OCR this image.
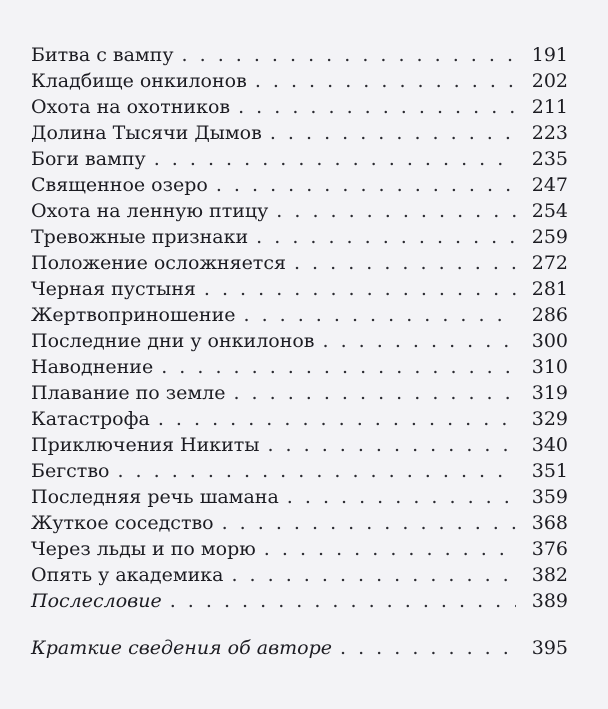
Битва с вампу . . .	191
Кладбище онкилонов . . .	202
Охота на охотников . . .	211
Долина Тысячи Дымов . . .	223
Боги вампу . . .	235
Священное озеро . . .	247
Охота на ленную птицу . . .	254
Тревожные признаки . . .	259
Положение осложняется . . .	272
Черная пустыня . . .	281
Жертвоприношение . . .	286
Последние дни у онкилонов . . .	300
Наводнение . . .	310
Плавание по земле . . .	319
Катастрофа . . .	329
Приключения Никиты . . .	340
Бегство . . .	351
Последняя речь шамана . . .	359
Жуткое соседство . . .	368
Через льды и по морю . . .	376
Опять у академика . . .	382
Послесловие . . .	389
Краткие сведения об авторе . . .	395
